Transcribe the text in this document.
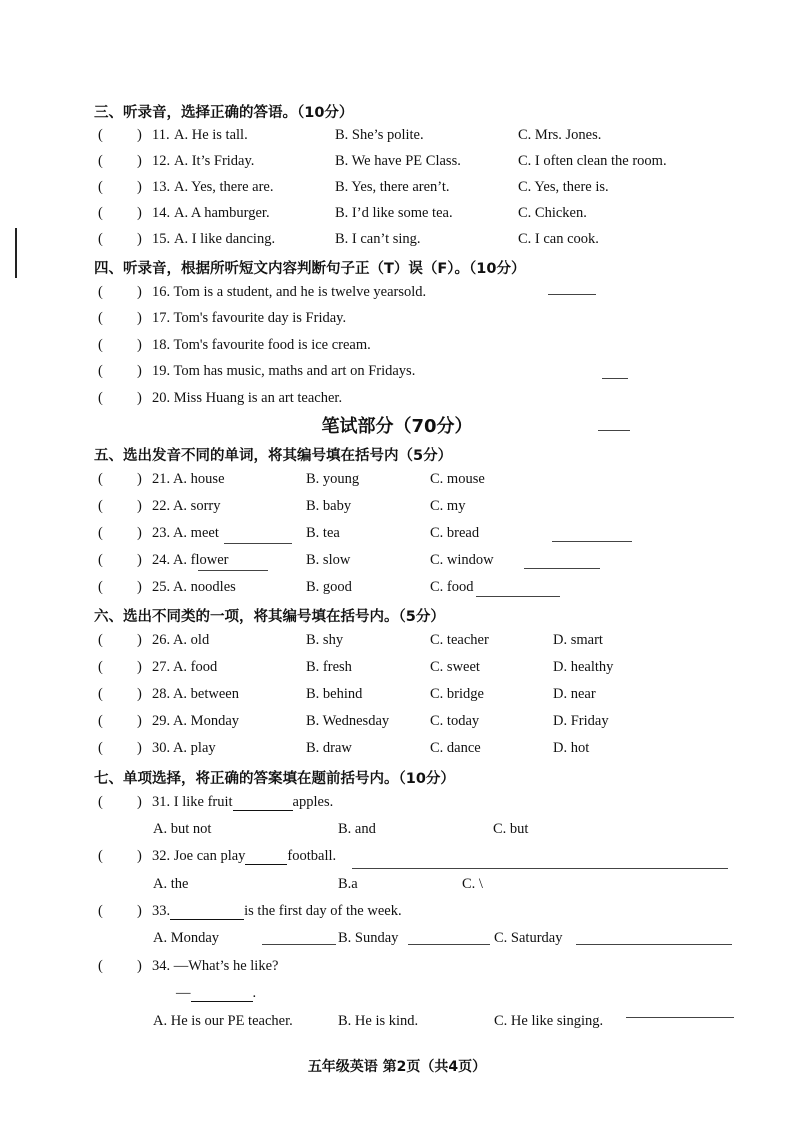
三、听录音，选择正确的答语。（10分）
( ) 11. A. He is tall.	B. She’s polite.	C. Mrs. Jones.
( ) 12. A. It’s Friday.	B. We have PE Class.	C. I often clean the room.
( ) 13. A. Yes, there are.	B. Yes, there aren’t.	C. Yes, there is.
( ) 14. A. A hamburger.	B. I’d like some tea.	C. Chicken.
( ) 15. A. I like dancing.	B. I can’t sing.	C. I can cook.
四、听录音，根据所听短文内容判断句子正（T）误（F）。（10分）
( ) 16. Tom is a student, and he is twelve yearsold.
( ) 17. Tom's favourite day is Friday.
( ) 18. Tom's favourite food is ice cream.
( ) 19. Tom has music, maths and art on Fridays.
( ) 20. Miss Huang is an art teacher.
笔试部分（70分）
五、选出发音不同的单词，将其编号填在括号内（5分）
( ) 21. A. house	B. young	C. mouse
( ) 22. A. sorry	B. baby	C. my
( ) 23. A. meet	B. tea	C. bread
( ) 24. A. flower	B. slow	C. window
( ) 25. A. noodles	B. good	C. food
六、选出不同类的一项，将其编号填在括号内。（5分）
( ) 26. A. old	B. shy	C. teacher	D. smart
( ) 27. A. food	B. fresh	C. sweet	D. healthy
( ) 28. A. between	B. behind	C. bridge	D. near
( ) 29. A. Monday	B. Wednesday	C. today	D. Friday
( ) 30. A. play	B. draw	C. dance	D. hot
七、单项选择，将正确的答案填在题前括号内。（10分）
( ) 31. I like fruit	apples.
A. but not	B. and	C. but
( ) 32. Joe can play	football.
A. the	B.a	C. \
( ) 33.	is the first day of the week.
A. Monday	B. Sunday	C. Saturday
( ) 34. —What’s he like?
—	.
A. He is our PE teacher.	B. He is kind.	C. He like singing.
五年级英语 第2页（共4页）
